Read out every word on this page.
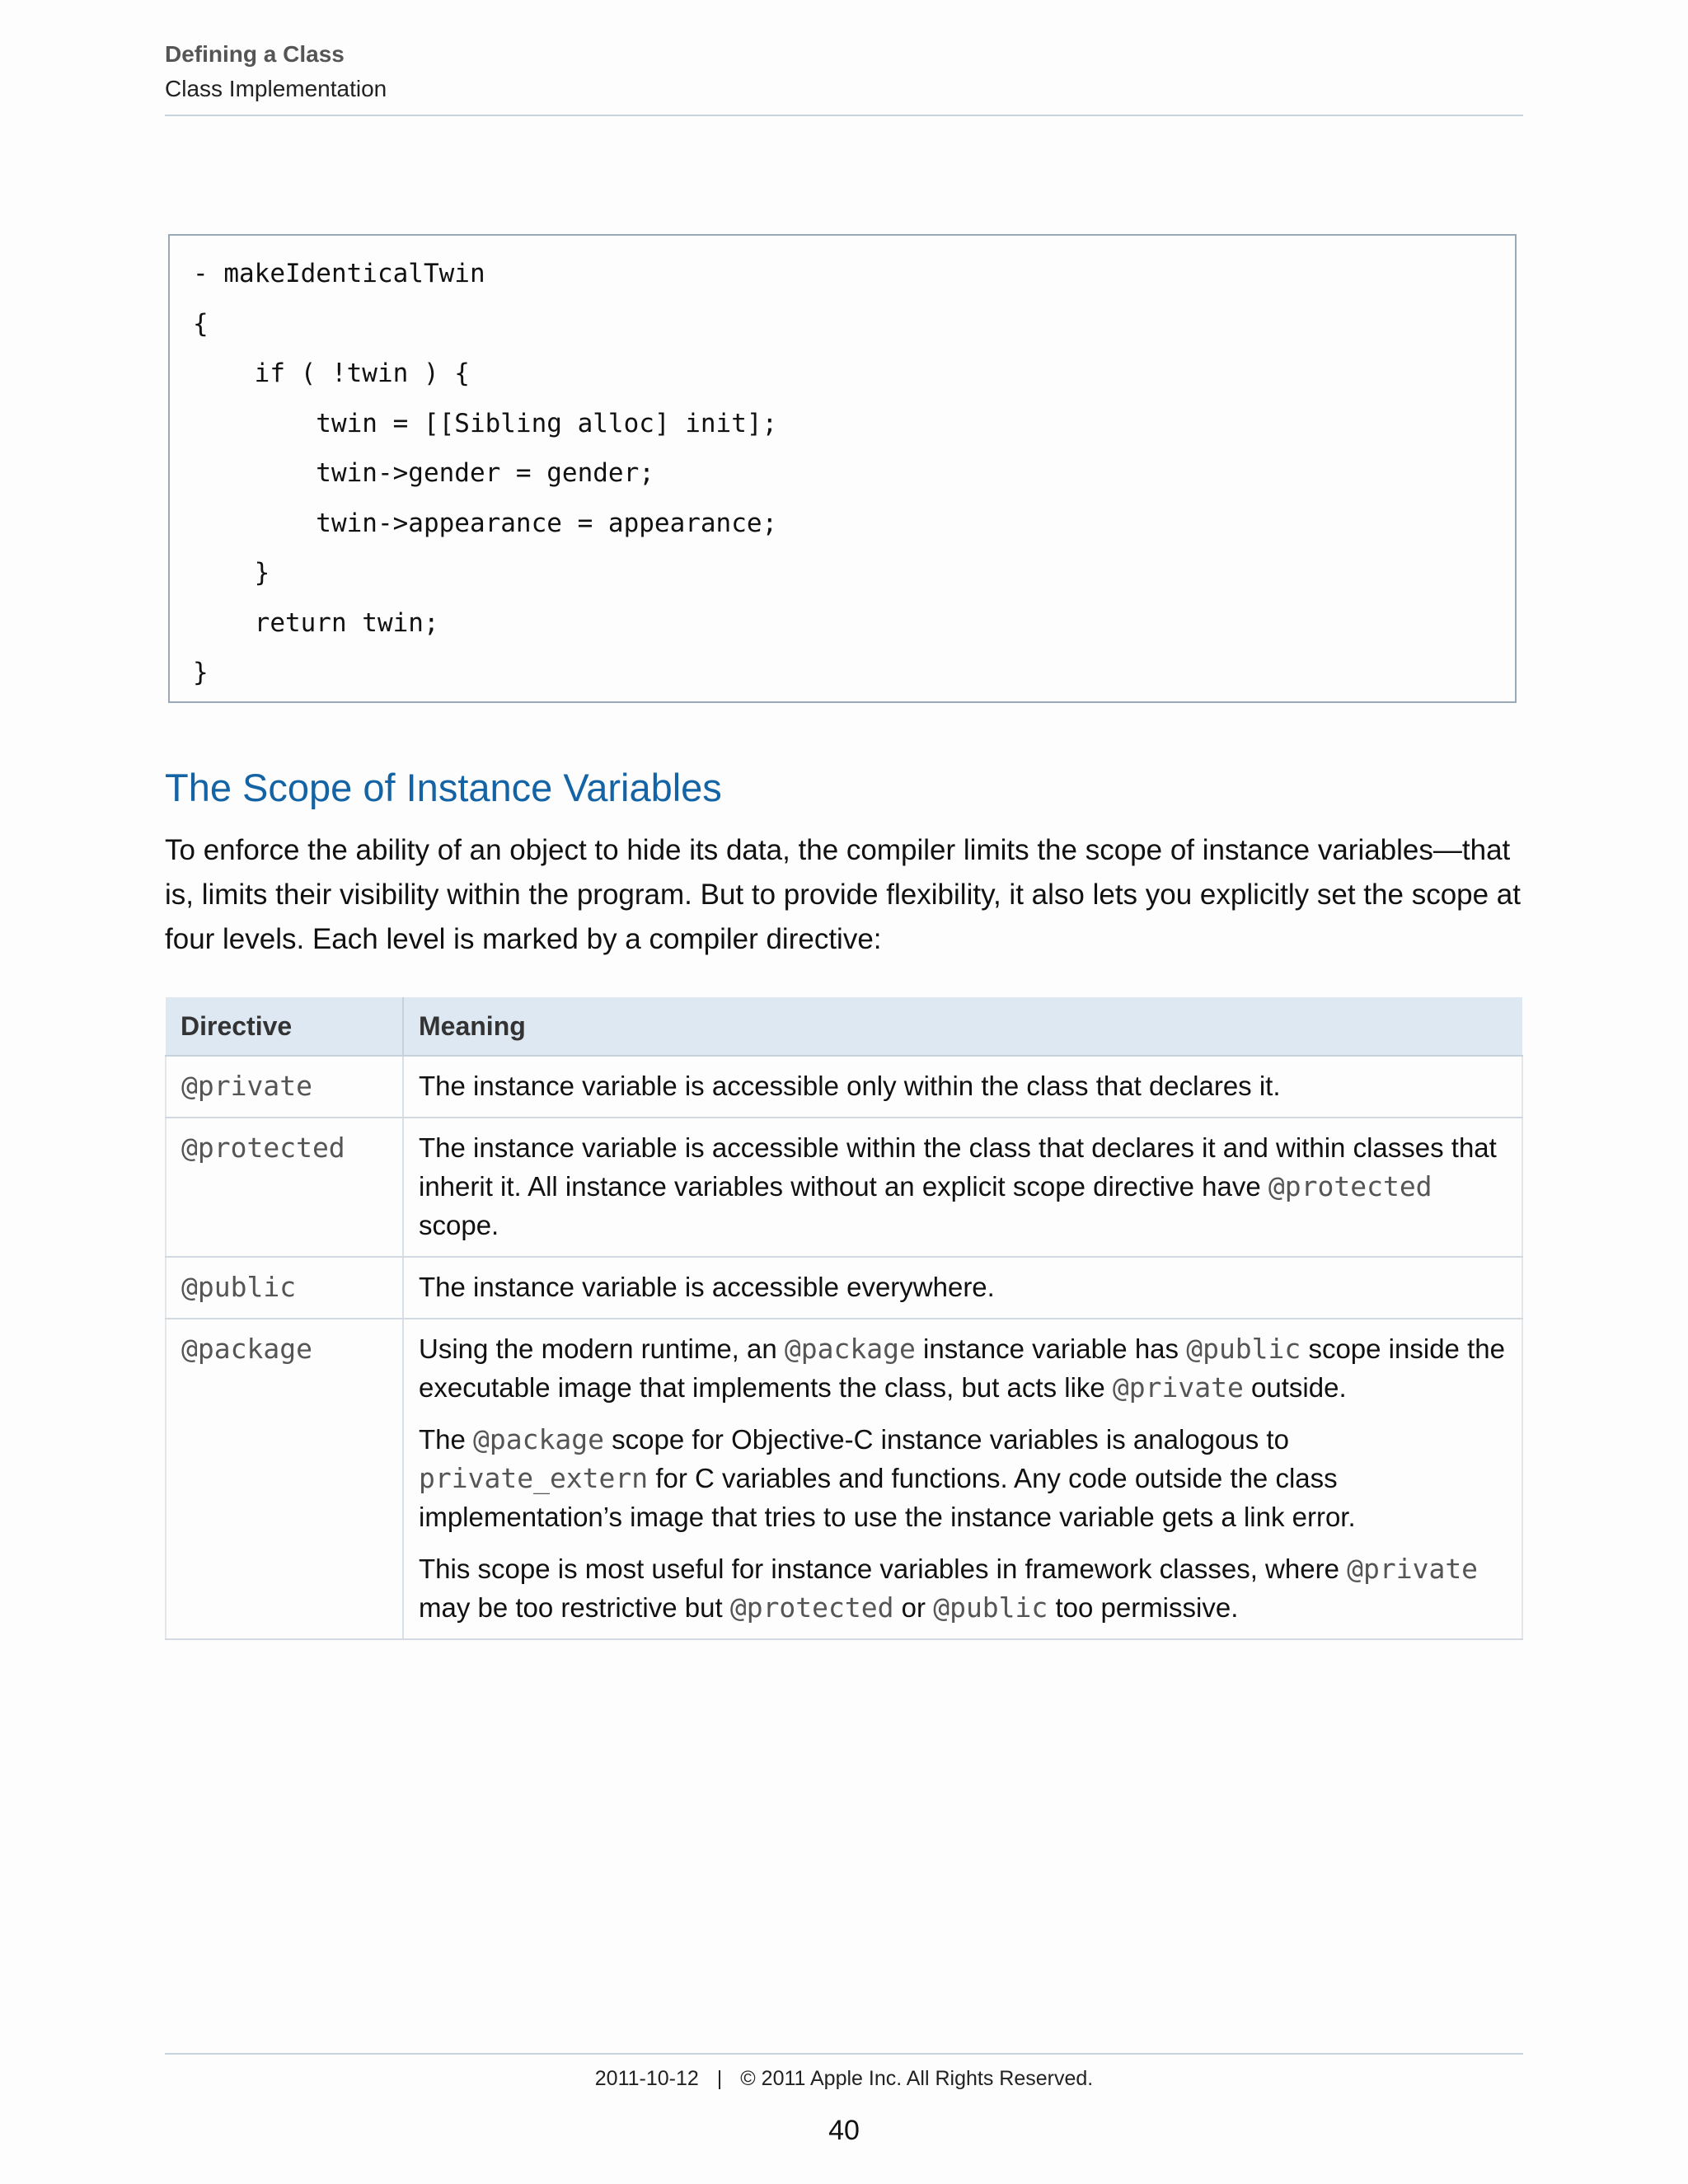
Defining a Class
Class Implementation
- makeIdenticalTwin
{
if ( !twin ) {
twin = [[Sibling alloc] init];
twin->gender = gender;
twin->appearance = appearance;
}
return twin;
}
The Scope of Instance Variables
To enforce the ability of an object to hide its data, the compiler limits the scope of instance variables—that is, limits their visibility within the program. But to provide flexibility, it also lets you explicitly set the scope at four levels. Each level is marked by a compiler directive:
Directive	Meaning
@private	The instance variable is accessible only within the class that declares it.
@protected	The instance variable is accessible within the class that declares it and within classes that inherit it. All instance variables without an explicit scope directive have @protected scope.
@public	The instance variable is accessible everywhere.
@package	Using the modern runtime, an @package instance variable has @public scope inside the executable image that implements the class, but acts like @private outside.
The @package scope for Objective-C instance variables is analogous to private_extern for C variables and functions. Any code outside the class implementation’s image that tries to use the instance variable gets a link error.
This scope is most useful for instance variables in framework classes, where @private may be too restrictive but @protected or @public too permissive.
2011-10-12 | © 2011 Apple Inc. All Rights Reserved.
40
